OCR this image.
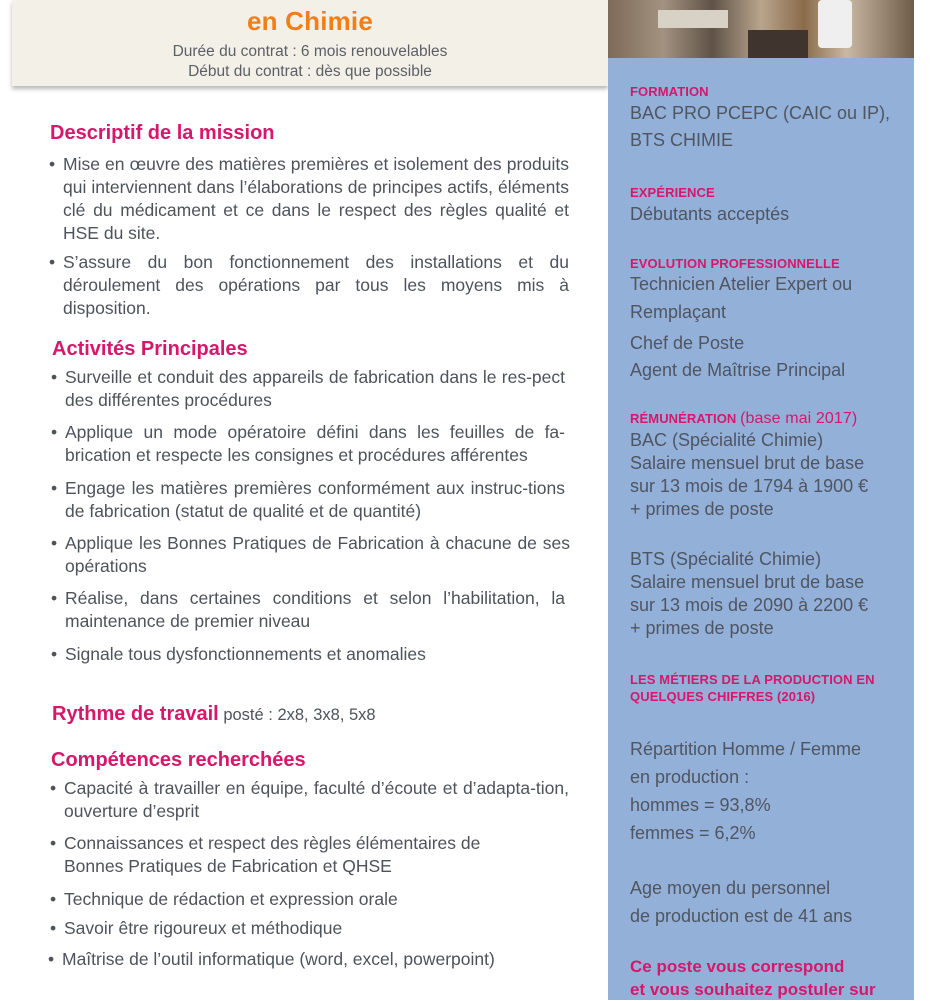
en Chimie
Durée du contrat : 6 mois renouvelables
Début du contrat : dès que possible
FORMATION
BAC PRO PCEPC (CAIC ou IP),
BTS CHIMIE
EXPÉRIENCE
Débutants acceptés
EVOLUTION PROFESSIONNELLE
Technicien Atelier Expert ou
Remplaçant
Chef de Poste
Agent de Maîtrise Principal
RÉMUNÉRATION (base mai 2017)
BAC (Spécialité Chimie)
Salaire mensuel brut de base
sur 13 mois de 1794 à 1900 €
+ primes de poste
BTS (Spécialité Chimie)
Salaire mensuel brut de base
sur 13 mois de 2090 à 2200 €
+ primes de poste
LES MÉTIERS DE LA PRODUCTION EN
QUELQUES CHIFFRES (2016)
Répartition Homme / Femme
en production :
hommes = 93,8%
femmes = 6,2%
Age moyen du personnel
de production est de 41 ans
Ce poste vous correspond
et vous souhaitez postuler sur
Descriptif de la mission
• Mise en œuvre des matières premières et isolement des produits qui interviennent dans l’élaborations de principes actifs, éléments clé du médicament et ce dans le respect des règles qualité et HSE du site.
• S’assure du bon fonctionnement des installations et du déroulement des opérations par tous les moyens mis à disposition.
Activités Principales
• Surveille et conduit des appareils de fabrication dans le res-pect des différentes procédures
• Applique un mode opératoire défini dans les feuilles de fa-brication et respecte les consignes et procédures afférentes
• Engage les matières premières conformément aux instruc-tions de fabrication (statut de qualité et de quantité)
• Applique les Bonnes Pratiques de Fabrication à chacune de ses opérations
• Réalise, dans certaines conditions et selon l’habilitation, la maintenance de premier niveau
• Signale tous dysfonctionnements et anomalies
Rythme de travail posté : 2x8, 3x8, 5x8
Compétences recherchées
• Capacité à travailler en équipe, faculté d’écoute et d’adapta-tion, ouverture d’esprit
• Connaissances et respect des règles élémentaires de Bonnes Pratiques de Fabrication et QHSE
• Technique de rédaction et expression orale
• Savoir être rigoureux et méthodique
• Maîtrise de l’outil informatique (word, excel, powerpoint)
